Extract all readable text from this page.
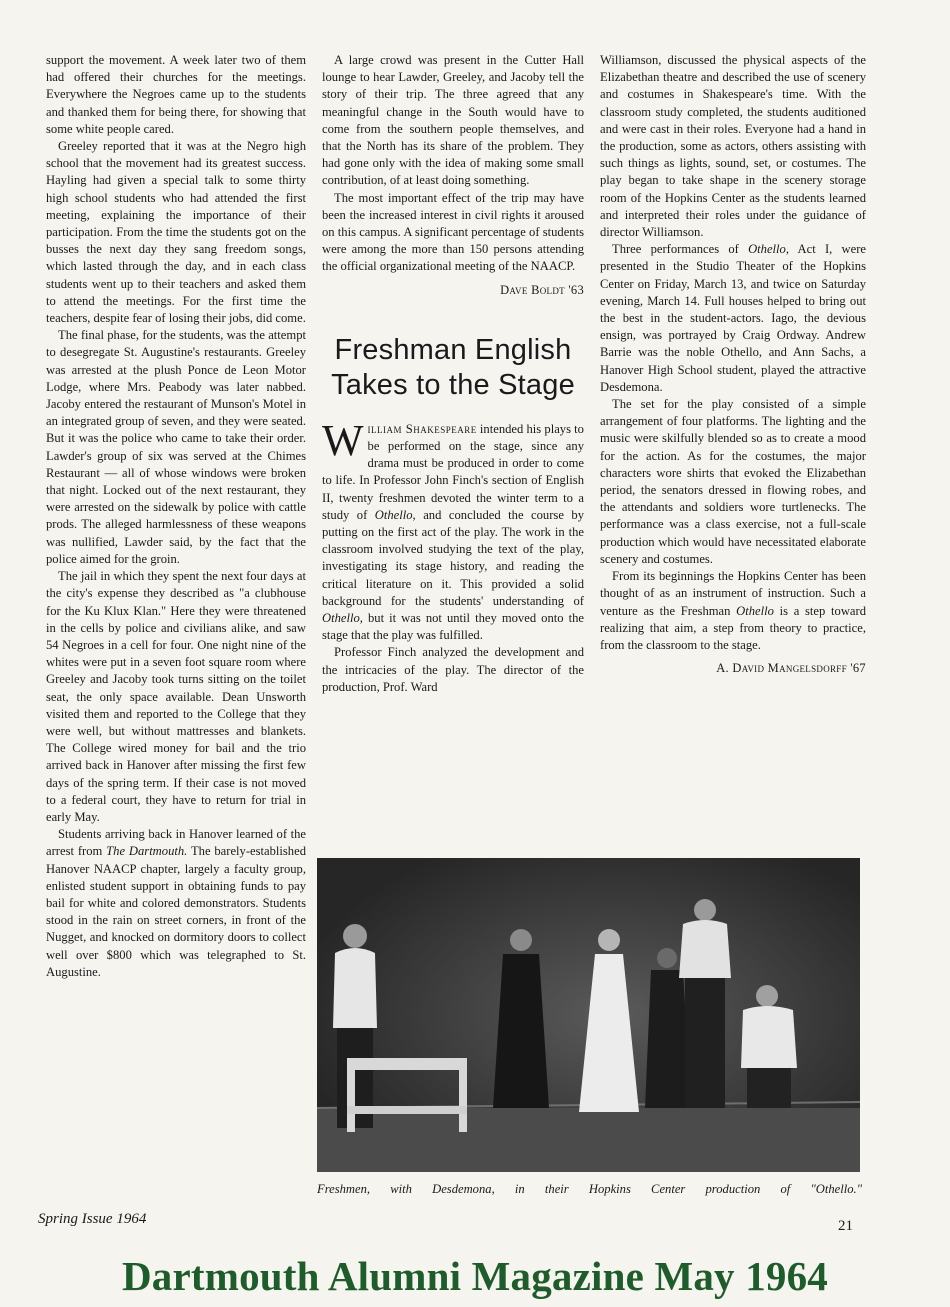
support the movement. A week later two of them had offered their churches for the meetings. Everywhere the Negroes came up to the students and thanked them for being there, for showing that some white people cared.

Greeley reported that it was at the Negro high school that the movement had its greatest success. Hayling had given a special talk to some thirty high school students who had attended the first meeting, explaining the importance of their participation. From the time the students got on the busses the next day they sang freedom songs, which lasted through the day, and in each class students went up to their teachers and asked them to attend the meetings. For the first time the teachers, despite fear of losing their jobs, did come.

The final phase, for the students, was the attempt to desegregate St. Augustine's restaurants. Greeley was arrested at the plush Ponce de Leon Motor Lodge, where Mrs. Peabody was later nabbed. Jacoby entered the restaurant of Munson's Motel in an integrated group of seven, and they were seated. But it was the police who came to take their order. Lawder's group of six was served at the Chimes Restaurant — all of whose windows were broken that night. Locked out of the next restaurant, they were arrested on the sidewalk by police with cattle prods. The alleged harmlessness of these weapons was nullified, Lawder said, by the fact that the police aimed for the groin.

The jail in which they spent the next four days at the city's expense they described as "a clubhouse for the Ku Klux Klan." Here they were threatened in the cells by police and civilians alike, and saw 54 Negroes in a cell for four. One night nine of the whites were put in a seven foot square room where Greeley and Jacoby took turns sitting on the toilet seat, the only space available. Dean Unsworth visited them and reported to the College that they were well, but without mattresses and blankets. The College wired money for bail and the trio arrived back in Hanover after missing the first few days of the spring term. If their case is not moved to a federal court, they have to return for trial in early May.

Students arriving back in Hanover learned of the arrest from The Dartmouth. The barely-established Hanover NAACP chapter, largely a faculty group, enlisted student support in obtaining funds to pay bail for white and colored demonstrators. Students stood in the rain on street corners, in front of the Nugget, and knocked on dormitory doors to collect well over $800 which was telegraphed to St. Augustine.

A large crowd was present in the Cutter Hall lounge to hear Lawder, Greeley, and Jacoby tell the story of their trip. The three agreed that any meaningful change in the South would have to come from the southern people themselves, and that the North has its share of the problem. They had gone only with the idea of making some small contribution, of at least doing something.

The most important effect of the trip may have been the increased interest in civil rights it aroused on this campus. A significant percentage of students were among the more than 150 persons attending the official organizational meeting of the NAACP.

Dave Boldt '63
Freshman English
Takes to the Stage

William Shakespeare intended his plays to be performed on the stage, since any drama must be produced in order to come to life. In Professor John Finch's section of English II, twenty freshmen devoted the winter term to a study of Othello, and concluded the course by putting on the first act of the play. The work in the classroom involved studying the text of the play, investigating its stage history, and reading the critical literature on it. This provided a solid background for the students' understanding of Othello, but it was not until they moved onto the stage that the play was fulfilled.

Professor Finch analyzed the development and the intricacies of the play. The director of the production, Prof. Ward

Williamson, discussed the physical aspects of the Elizabethan theatre and described the use of scenery and costumes in Shakespeare's time. With the classroom study completed, the students auditioned and were cast in their roles. Everyone had a hand in the production, some as actors, others assisting with such things as lights, sound, set, or costumes. The play began to take shape in the scenery storage room of the Hopkins Center as the students learned and interpreted their roles under the guidance of director Williamson.

Three performances of Othello, Act I, were presented in the Studio Theater of the Hopkins Center on Friday, March 13, and twice on Saturday evening, March 14. Full houses helped to bring out the best in the student-actors. Iago, the devious ensign, was portrayed by Craig Ordway. Andrew Barrie was the noble Othello, and Ann Sachs, a Hanover High School student, played the attractive Desdemona.

The set for the play consisted of a simple arrangement of four platforms. The lighting and the music were skilfully blended so as to create a mood for the action. As for the costumes, the major characters wore shirts that evoked the Elizabethan period, the senators dressed in flowing robes, and the attendants and soldiers wore turtlenecks. The performance was a class exercise, not a full-scale production which would have necessitated elaborate scenery and costumes.

From its beginnings the Hopkins Center has been thought of as an instrument of instruction. Such a venture as the Freshman Othello is a step toward realizing that aim, a step from theory to practice, from the classroom to the stage.

A. David Mangelsdorff '67
Freshmen, with Desdemona, in their Hopkins Center production of "Othello."
Spring Issue 1964	21
Dartmouth Alumni Magazine May 1964
